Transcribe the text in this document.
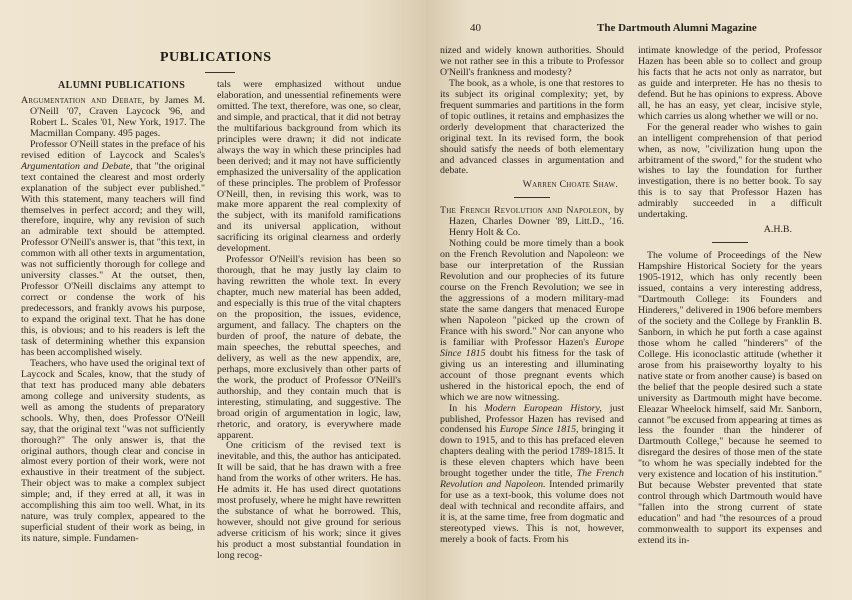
PUBLICATIONS
ALUMNI PUBLICATIONS

Argumentation and Debate, by James M. O'Neill '07, Craven Laycock '96, and Robert L. Scales '01, New York, 1917. The Macmillan Company. 495 pages.

Professor O'Neill states in the preface of his revised edition of Laycock and Scales's Argumentation and Debate, that "the original text contained the clearest and most orderly explanation of the subject ever published." With this statement, many teachers will find themselves in perfect accord; and they will, therefore, inquire, why any revision of such an admirable text should be attempted. Professor O'Neill's answer is, that "this text, in common with all other texts in argumentation, was not sufficiently thorough for college and university classes." At the outset, then, Professor O'Neill disclaims any attempt to correct or condense the work of his predecessors, and frankly avows his purpose, to expand the original text. That he has done this, is obvious; and to his readers is left the task of determining whether this expansion has been accomplished wisely.

Teachers, who have used the original text of Laycock and Scales, know, that the study of that text has produced many able debaters among college and university students, as well as among the students of preparatory schools. Why, then, does Professor O'Neill say, that the original text "was not sufficiently thorough?" The only answer is, that the original authors, though clear and concise in almost every portion of their work, were not exhaustive in their treatment of the subject. Their object was to make a complex subject simple; and, if they erred at all, it was in accomplishing this aim too well. What, in its nature, was truly complex, appeared to the superficial student of their work as being, in its nature, simple. Fundamen-

tals were emphasized without undue elaboration, and unessential refinements were omitted. The text, therefore, was one, so clear, and simple, and practical, that it did not betray the multifarious background from which its principles were drawn; it did not indicate always the way in which these principles had been derived; and it may not have sufficiently emphasized the universality of the application of these principles. The problem of Professor O'Neill, then, in revising this work, was to make more apparent the real complexity of the subject, with its manifold ramifications and its universal application, without sacrificing its original clearness and orderly development.

Professor O'Neill's revision has been so thorough, that he may justly lay claim to having rewritten the whole text. In every chapter, much new material has been added, and especially is this true of the vital chapters on the proposition, the issues, evidence, argument, and fallacy. The chapters on the burden of proof, the nature of debate, the main speeches, the rebuttal speeches, and delivery, as well as the new appendix, are, perhaps, more exclusively than other parts of the work, the product of Professor O'Neill's authorship, and they contain much that is interesting, stimulating, and suggestive. The broad origin of argumentation in logic, law, rhetoric, and oratory, is everywhere made apparent.

One criticism of the revised text is inevitable, and this, the author has anticipated. It will be said, that he has drawn with a free hand from the works of other writers. He has. He admits it. He has used direct quotations most profusely, where he might have rewritten the substance of what he borrowed. This, however, should not give ground for serious adverse criticism of his work; since it gives his product a most substantial foundation in long recog-

40	The Dartmouth Alumni Magazine

nized and widely known authorities. Should we not rather see in this a tribute to Professor O'Neill's frankness and modesty?

The book, as a whole, is one that restores to its subject its original complexity; yet, by frequent summaries and partitions in the form of topic outlines, it retains and emphasizes the orderly development that characterized the original text. In its revised form, the book should satisfy the needs of both elementary and advanced classes in argumentation and debate.

Warren Choate Shaw.

The French Revolution and Napoleon, by Hazen, Charles Downer '89, Litt.D., '16. Henry Holt & Co.

Nothing could be more timely than a book on the French Revolution and Napoleon: we base our interpretation of the Russian Revolution and our prophecies of its future course on the French Revolution; we see in the aggressions of a modern military-mad state the same dangers that menaced Europe when Napoleon "picked up the crown of France with his sword." Nor can anyone who is familiar with Professor Hazen's Europe Since 1815 doubt his fitness for the task of giving us an interesting and illuminating account of those pregnant events which ushered in the historical epoch, the end of which we are now witnessing.

In his Modern European History, just published, Professor Hazen has revised and condensed his Europe Since 1815, bringing it down to 1915, and to this has prefaced eleven chapters dealing with the period 1789-1815. It is these eleven chapters which have been brought together under the title, The French Revolution and Napoleon. Intended primarily for use as a text-book, this volume does not deal with technical and recondite affairs, and it is, at the same time, free from dogmatic and stereotyped views. This is not, however, merely a book of facts. From his

intimate knowledge of the period, Professor Hazen has been able so to collect and group his facts that he acts not only as narrator, but as guide and interpreter. He has no thesis to defend. But he has opinions to express. Above all, he has an easy, yet clear, incisive style, which carries us along whether we will or no.

For the general reader who wishes to gain an intelligent comprehension of that period when, as now, "civilization hung upon the arbitrament of the sword," for the student who wishes to lay the foundation for further investigation, there is no better book. To say this is to say that Professor Hazen has admirably succeeded in a difficult undertaking.

A.H.B.

The volume of Proceedings of the New Hampshire Historical Society for the years 1905-1912, which has only recently been issued, contains a very interesting address, "Dartmouth College: its Founders and Hinderers," delivered in 1906 before members of the society and the College by Franklin B. Sanborn, in which he put forth a case against those whom he called "hinderers" of the College. His iconoclastic attitude (whether it arose from his praiseworthy loyalty to his native state or from another cause) is based on the belief that the people desired such a state university as Dartmouth might have become. Eleazar Wheelock himself, said Mr. Sanborn, cannot "be excused from appearing at times as less the founder than the hinderer of Dartmouth College," because he seemed to disregard the desires of those men of the state "to whom he was specially indebted for the very existence and location of his institution." But because Webster prevented that state control through which Dartmouth would have "fallen into the strong current of state education" and had "the resources of a proud commonwealth to support its expenses and extend its in-
